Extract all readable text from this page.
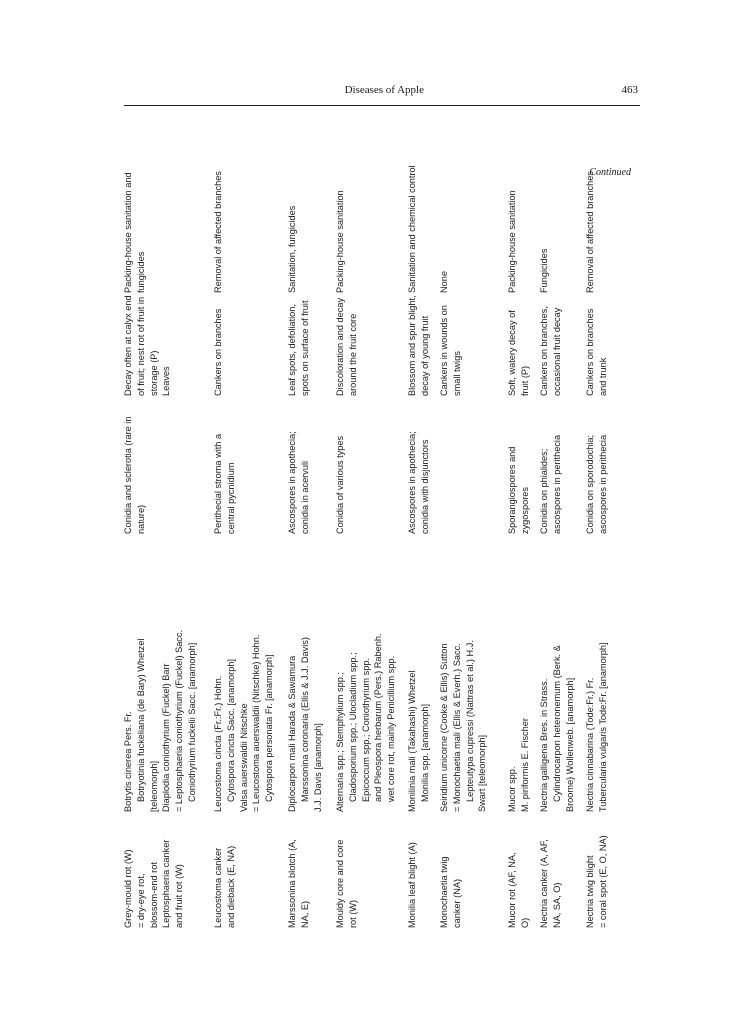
Diseases of Apple	463
Continued
Grey-mould rot (W) = dry-eye rot, blossom-end rot Leptosphaeria canker and fruit rot (W)
Botrytis cinerea Pers. Fr. Botryotinia fuckeliana (de Bary) Whetzel [teleomorph] Diaplodia coniothyrium (Fuckel) Barr = Leptosphaeria coniothyrium (Fuckel) Sacc. Coniothyrium fuckelii Sacc. [anamorph]
Conidia and sclerotia (rare in nature)
Decay often at calyx end of fruit; nest rot of fruit in storage (P) Leaves
Packing-house sanitation and fungicides
Leucostoma canker and dieback (E, NA)
Leucostoma cincta (Fr.:Fr.) Hohn. Cytospora cincta Sacc. [anamorph] Valsa auerswaldii Nitschke = Leucostoma auerswaldii (Nitschke) Hohn. Cytospora personata Fr. [anamorph]
Perithecial stroma with a central pycnidium
Cankers on branches
Removal of affected branches
Marssonina blotch (A, NA, E)
Diplocarpon mali Harada & Sawamura Marssonina coronaria (Ellis & J.J. Davis) J.J. Davis [anamorph]
Ascospores in apothecia; conidia in acervuli
Leaf spots, defoliation, spots on surface of fruit
Sanitation, fungicides
Mouldy core and core rot (W)
Alternaria spp.; Stemphylium spp.; Cladosporium spp.; Ulocladium spp.; Epicoccum spp.; Coniothyrium spp. and Pleospora herbarum (Pers.) Rabenh. wet core rot, mainly Penicillium spp.
Conidia of various types
Discoloration and decay around the fruit core
Packing-house sanitation
Monilia leaf blight (A)
Monilinia mali (Takahashi) Whetzel Monilia spp. [anamorph]
Ascospores in apothecia; conidia with disjunctors
Blossom and spur blight, decay of young fruit
Sanitation and chemical control
Monochaetia twig canker (NA)
Seiridium unicorne (Cooke & Ellis) Sutton = Monochaetia mali (Ellis & Everh.) Sacc. Lepteutypa cupressi (Nattras et al.) H.J. Swart [teleomorph]
Cankers in wounds on small twigs
None
Mucor rot (AF, NA, O)
Mucor spp. M. piriformis E. Fischer
Sporangiospores and zygospores
Soft, watery decay of fruit (P)
Packing-house sanitation
Nectria canker (A, AF, NA, SA, O)
Nectria galligena Bres. in Strass. Cylindrocarpon heteronemum (Berk. & Broome) Wollenweb. [anamorph]
Conidia on phialides; ascospores in perithecia
Cankers on branches, occasional fruit decay
Fungicides
Nectria twig blight = coral spot (E, O, NA)
Nectria cinnabarina (Tode:Fr.) Fr. Tubercularia vulgaris Tode:Fr. [anamorph]
Conidia on sporodochia; ascospores in perithecia
Cankers on branches and trunk
Removal of affected branches
